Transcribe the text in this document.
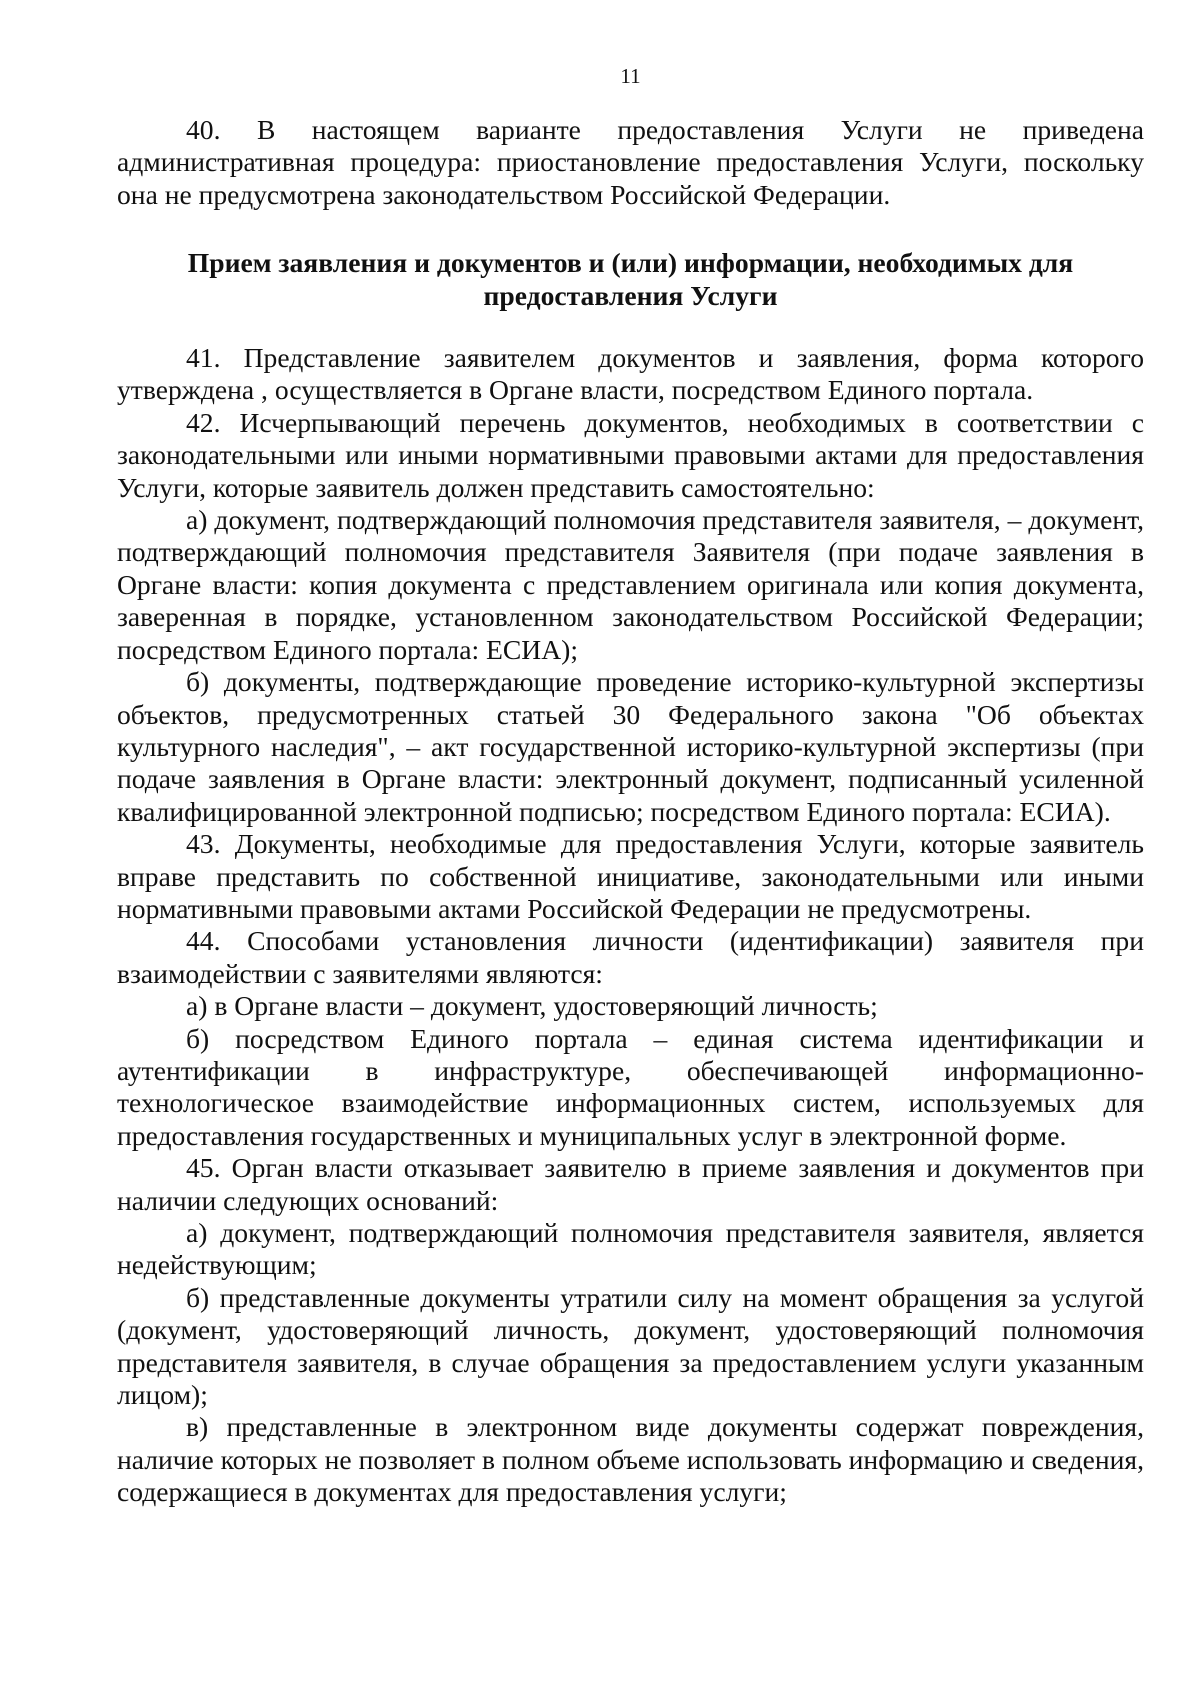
11

40. В настоящем варианте предоставления Услуги не приведена административная процедура: приостановление предоставления Услуги, поскольку она не предусмотрена законодательством Российской Федерации.

Прием заявления и документов и (или) информации, необходимых для предоставления Услуги

41. Представление заявителем документов и заявления, форма которого утверждена , осуществляется в Органе власти, посредством Единого портала.

42. Исчерпывающий перечень документов, необходимых в соответствии с законодательными или иными нормативными правовыми актами для предоставления Услуги, которые заявитель должен представить самостоятельно:

а) документ, подтверждающий полномочия представителя заявителя, – документ, подтверждающий полномочия представителя Заявителя (при подаче заявления в Органе власти: копия документа с представлением оригинала или копия документа, заверенная в порядке, установленном законодательством Российской Федерации; посредством Единого портала: ЕСИА);

б) документы, подтверждающие проведение историко-культурной экспертизы объектов, предусмотренных статьей 30 Федерального закона "Об объектах культурного наследия", – акт государственной историко-культурной экспертизы (при подаче заявления в Органе власти: электронный документ, подписанный усиленной квалифицированной электронной подписью; посредством Единого портала: ЕСИА).

43. Документы, необходимые для предоставления Услуги, которые заявитель вправе представить по собственной инициативе, законодательными или иными нормативными правовыми актами Российской Федерации не предусмотрены.

44. Способами установления личности (идентификации) заявителя при взаимодействии с заявителями являются:

а) в Органе власти – документ, удостоверяющий личность;

б) посредством Единого портала – единая система идентификации и аутентификации в инфраструктуре, обеспечивающей информационно-технологическое взаимодействие информационных систем, используемых для предоставления государственных и муниципальных услуг в электронной форме.

45. Орган власти отказывает заявителю в приеме заявления и документов при наличии следующих оснований:

а) документ, подтверждающий полномочия представителя заявителя, является недействующим;

б) представленные документы утратили силу на момент обращения за услугой (документ, удостоверяющий личность, документ, удостоверяющий полномочия представителя заявителя, в случае обращения за предоставлением услуги указанным лицом);

в) представленные в электронном виде документы содержат повреждения, наличие которых не позволяет в полном объеме использовать информацию и сведения, содержащиеся в документах для предоставления услуги;
